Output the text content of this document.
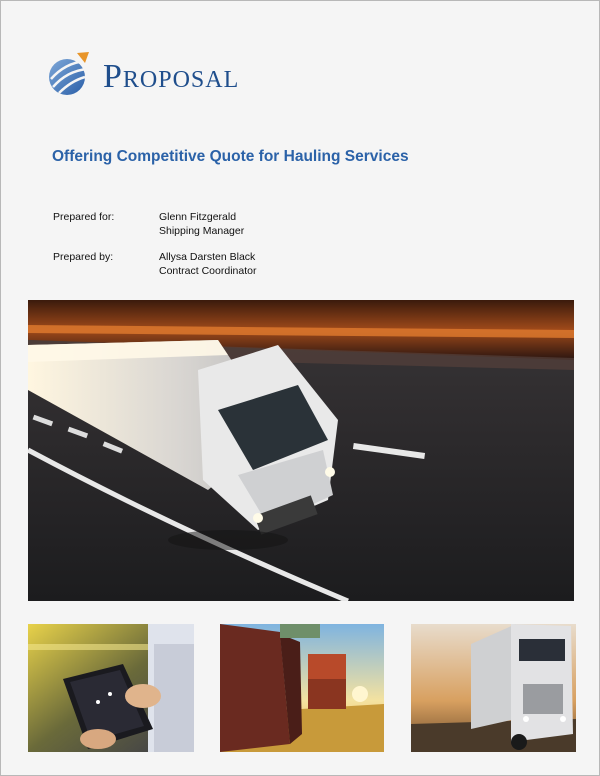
Proposal
Offering Competitive Quote for Hauling Services
Prepared for:	Glenn Fitzgerald
Shipping Manager
Prepared by:	Allysa Darsten Black
Contract Coordinator
